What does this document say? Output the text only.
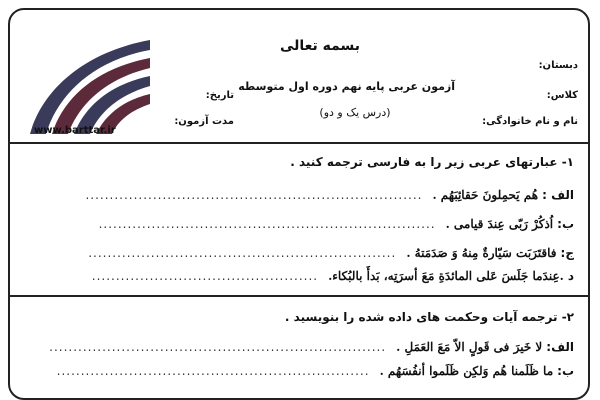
www.barttar.ir
بسمه تعالی
آزمون عربی پایه نهم دوره اول متوسطه
(درس یک و دو)
دبستان:
کلاس:
نام و نام خانوادگی:
تاریخ:
مدت آزمون:
۱- عبارتهای عربی زیر را به فارسی ترجمه کنید .
الف :
هُم یَحمِلونَ حَقائِبَهُم .
......................................................................
ب:
اُذکُرْ رَبّی عِندَ قیامی .
......................................................................
ج:
فاقتَرَبَت سَیّارةٌ مِنهُ وَ صَدَمَتهُ .
................................................................
د
.عِندَما جَلَسَ عَلی المائدَةِ مَعَ أسرَتِه، بَدأَ بالبُکاء.
...............................................
۲- ترجمه آیات وحکمت های داده شده را بنویسید .
الف:
لا خَیرَ فی قَولٍ الاّ مَعَ العَمَلِ .
......................................................................
ب:
ما ظَلَمنا هُم وَلکِن ظَلَموا أنفُسَهُم .
.................................................................
